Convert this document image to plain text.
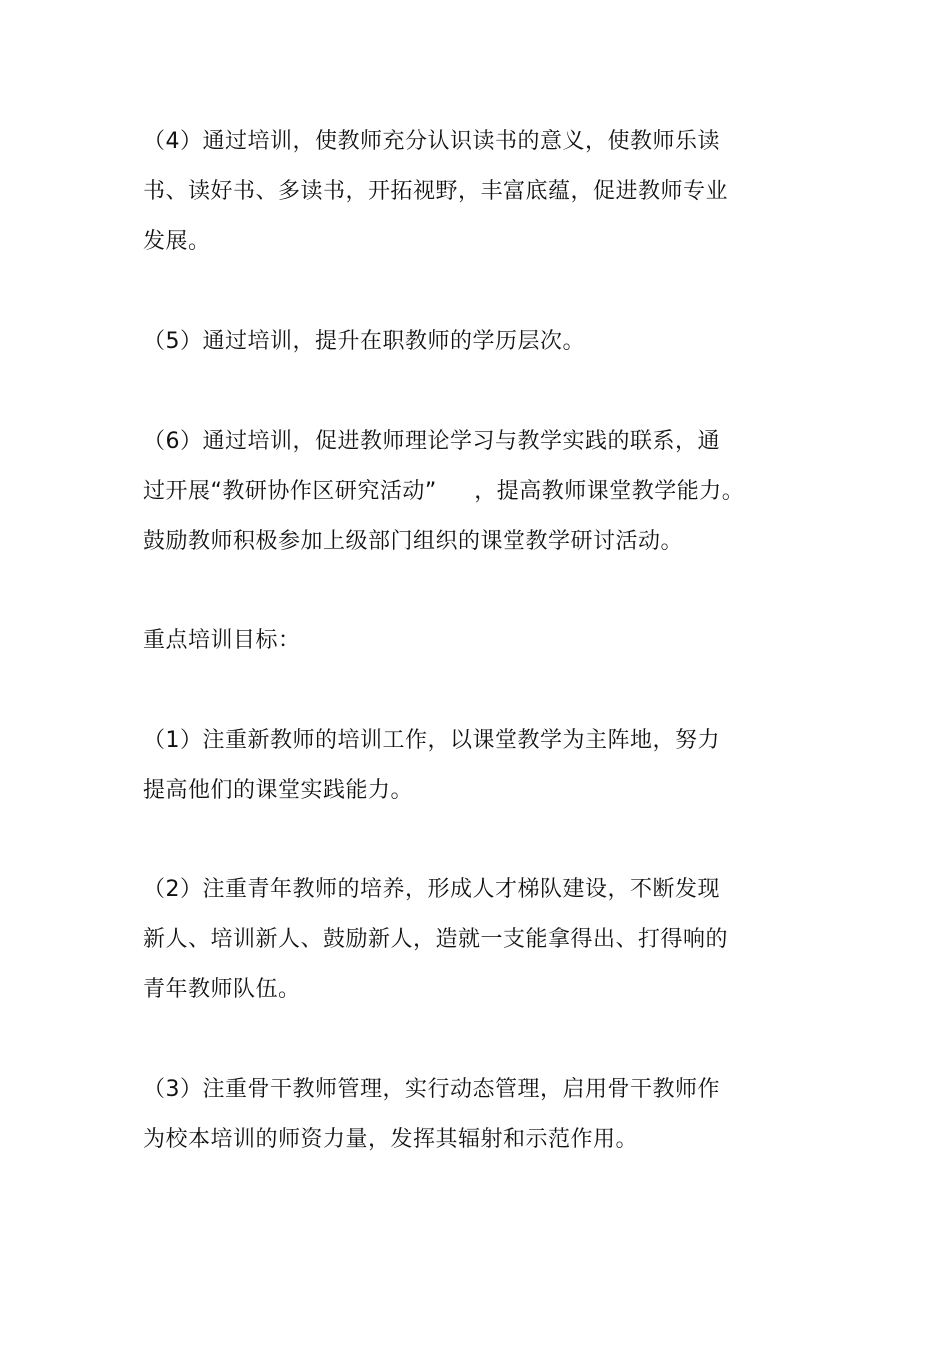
（4）通过培训，使教师充分认识读书的意义，使教师乐读
书、读好书、多读书，开拓视野，丰富底蕴，促进教师专业
发展。
（5）通过培训，提升在职教师的学历层次。
（6）通过培训，促进教师理论学习与教学实践的联系，通
过开展“教研协作区研究活动”     ，提高教师课堂教学能力。
鼓励教师积极参加上级部门组织的课堂教学研讨活动。
重点培训目标：
（1）注重新教师的培训工作，以课堂教学为主阵地，努力
提高他们的课堂实践能力。
（2）注重青年教师的培养，形成人才梯队建设，不断发现
新人、培训新人、鼓励新人，造就一支能拿得出、打得响的
青年教师队伍。
（3）注重骨干教师管理，实行动态管理，启用骨干教师作
为校本培训的师资力量，发挥其辐射和示范作用。
